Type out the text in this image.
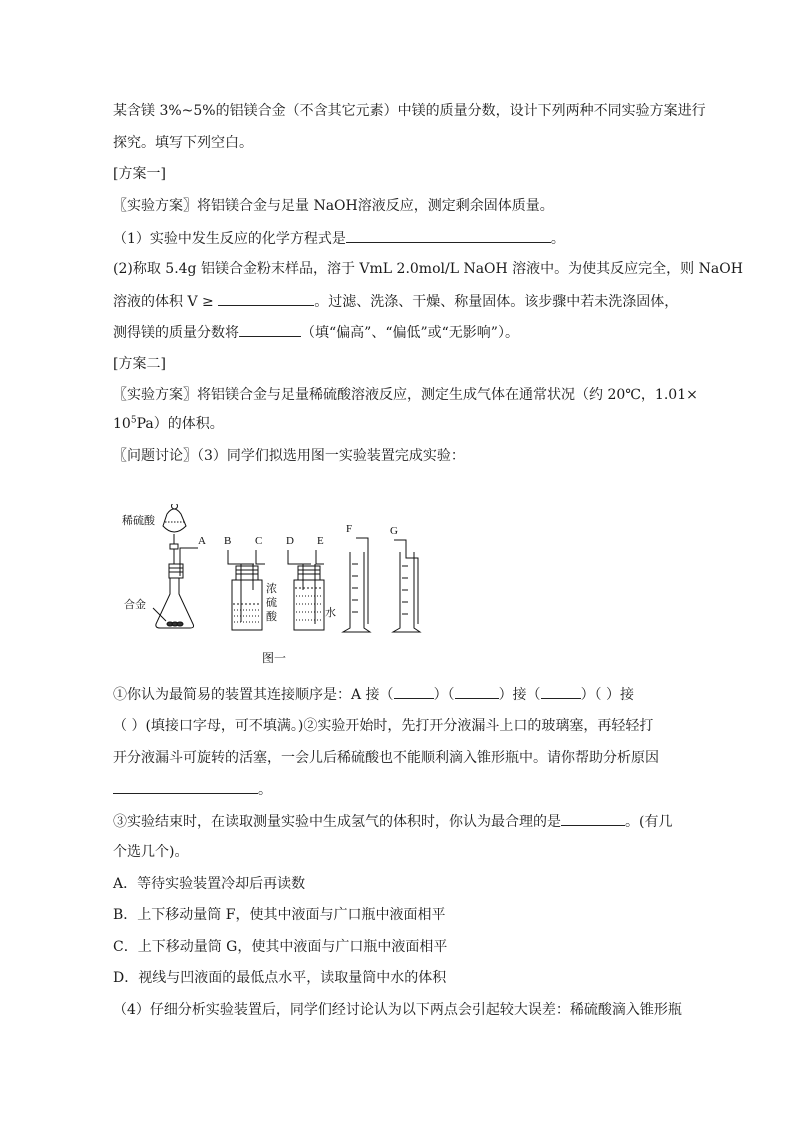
某含镁 3%~5%的铝镁合金（不含其它元素）中镁的质量分数，设计下列两种不同实验方案进行
探究。填写下列空白。
[方案一]
〖实验方案〗将铝镁合金与足量 NaOH溶液反应，测定剩余固体质量。
（1）实验中发生反应的化学方程式是	。
(2)称取 5.4g 铝镁合金粉末样品，溶于 VmL 2.0mol/L NaOH 溶液中。为使其反应完全，则 NaOH
溶液的体积 V ≥	。过滤、洗涤、干燥、称量固体。该步骤中若未洗涤固体，
测得镁的质量分数将	（填“偏高”、“偏低”或“无影响”）。
[方案二]
〖实验方案〗将铝镁合金与足量稀硫酸溶液反应，测定生成气体在通常状况（约 20℃，1.01×
$10^5Pa$）的体积。
〖问题讨论〗（3）同学们拟选用图一实验装置完成实验：
稀硫酸
合金
A B C
浓
硫
酸
D E
水
F	G
图一
①你认为最简易的装置其连接顺序是：A 接（	）（	）接（	）（ ）接
（ ）(填接口字母，可不填满。)②实验开始时，先打开分液漏斗上口的玻璃塞，再轻轻打
开分液漏斗可旋转的活塞，一会儿后稀硫酸也不能顺利滴入锥形瓶中。请你帮助分析原因
。
③实验结束时，在读取测量实验中生成氢气的体积时，你认为最合理的是	。(有几
个选几个)。
A．等待实验装置冷却后再读数
B．上下移动量筒 F，使其中液面与广口瓶中液面相平
C．上下移动量筒 G，使其中液面与广口瓶中液面相平
D．视线与凹液面的最低点水平，读取量筒中水的体积
（4）仔细分析实验装置后，同学们经讨论认为以下两点会引起较大误差：稀硫酸滴入锥形瓶
